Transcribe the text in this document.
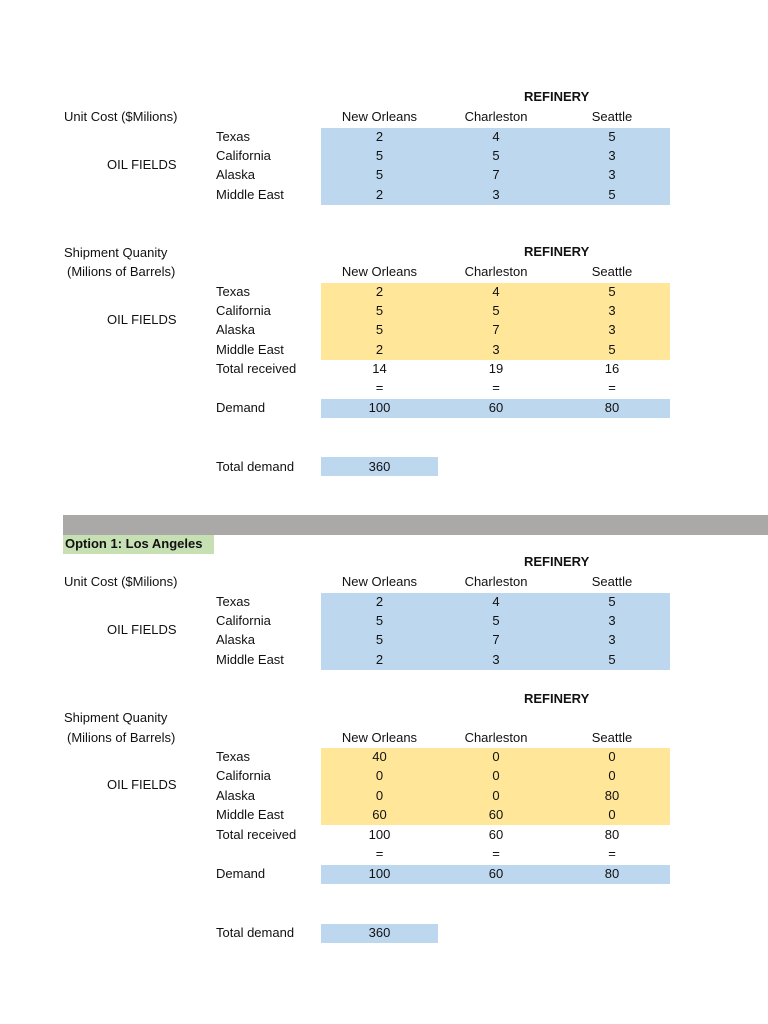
REFINERY
Unit Cost ($Milions)	New Orleans	Charleston	Seattle
OIL FIELDS
Texas	2	4	5
California	5	5	3
Alaska	5	7	3
Middle East	2	3	5
Shipment Quanity	REFINERY
(Milions of Barrels)	New Orleans	Charleston	Seattle
OIL FIELDS
Texas	2	4	5
California	5	5	3
Alaska	5	7	3
Middle East	2	3	5
Total received	14	19	16
=	=	=
Demand	100	60	80
Total demand	360
Option 1: Los Angeles
REFINERY
Unit Cost ($Milions)	New Orleans	Charleston	Seattle
OIL FIELDS
Texas	2	4	5
California	5	5	3
Alaska	5	7	3
Middle East	2	3	5
REFINERY
Shipment Quanity
(Milions of Barrels)	New Orleans	Charleston	Seattle
OIL FIELDS
Texas	40	0	0
California	0	0	0
Alaska	0	0	80
Middle East	60	60	0
Total received	100	60	80
=	=	=
Demand	100	60	80
Total demand	360
